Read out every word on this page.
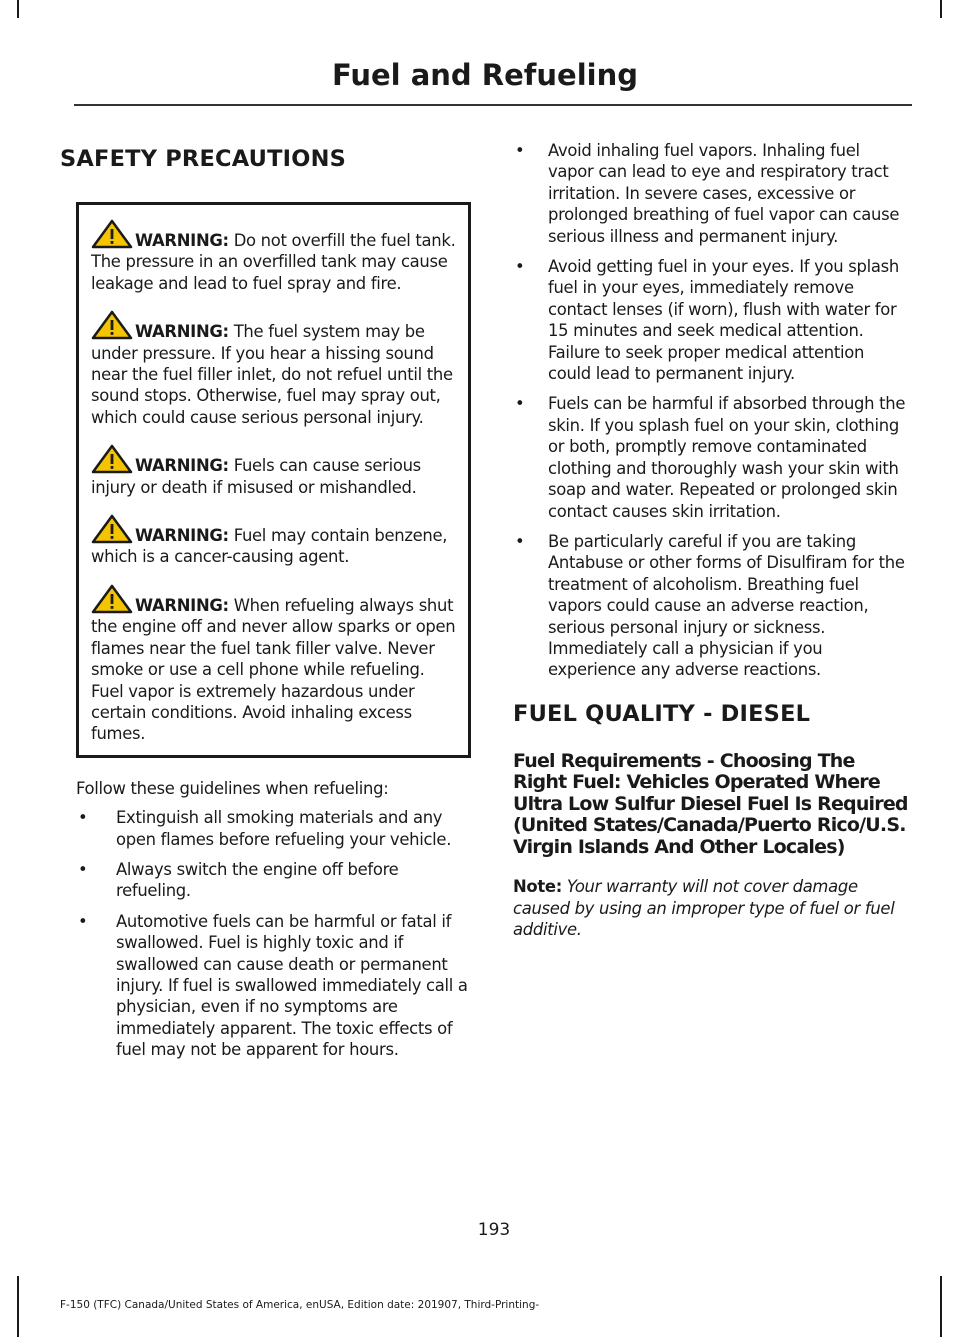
Fuel and Refueling
SAFETY PRECAUTIONS

WARNING: Do not overfill the fuel tank. The pressure in an overfilled tank may cause leakage and lead to fuel spray and fire.

WARNING: The fuel system may be under pressure. If you hear a hissing sound near the fuel filler inlet, do not refuel until the sound stops. Otherwise, fuel may spray out, which could cause serious personal injury.

WARNING: Fuels can cause serious injury or death if misused or mishandled.

WARNING: Fuel may contain benzene, which is a cancer-causing agent.

WARNING: When refueling always shut the engine off and never allow sparks or open flames near the fuel tank filler valve. Never smoke or use a cell phone while refueling. Fuel vapor is extremely hazardous under certain conditions. Avoid inhaling excess fumes.

Follow these guidelines when refueling:

• Extinguish all smoking materials and any open flames before refueling your vehicle.
• Always switch the engine off before refueling.
• Automotive fuels can be harmful or fatal if swallowed. Fuel is highly toxic and if swallowed can cause death or permanent injury. If fuel is swallowed immediately call a physician, even if no symptoms are immediately apparent. The toxic effects of fuel may not be apparent for hours.
• Avoid inhaling fuel vapors. Inhaling fuel vapor can lead to eye and respiratory tract irritation. In severe cases, excessive or prolonged breathing of fuel vapor can cause serious illness and permanent injury.
• Avoid getting fuel in your eyes. If you splash fuel in your eyes, immediately remove contact lenses (if worn), flush with water for 15 minutes and seek medical attention. Failure to seek proper medical attention could lead to permanent injury.
• Fuels can be harmful if absorbed through the skin. If you splash fuel on your skin, clothing or both, promptly remove contaminated clothing and thoroughly wash your skin with soap and water. Repeated or prolonged skin contact causes skin irritation.
• Be particularly careful if you are taking Antabuse or other forms of Disulfiram for the treatment of alcoholism. Breathing fuel vapors could cause an adverse reaction, serious personal injury or sickness. Immediately call a physician if you experience any adverse reactions.
FUEL QUALITY - DIESEL
Fuel Requirements - Choosing The Right Fuel: Vehicles Operated Where Ultra Low Sulfur Diesel Fuel Is Required (United States/Canada/Puerto Rico/U.S. Virgin Islands And Other Locales)

Note: Your warranty will not cover damage caused by using an improper type of fuel or fuel additive.

193
F-150 (TFC) Canada/United States of America, enUSA, Edition date: 201907, Third-Printing-
